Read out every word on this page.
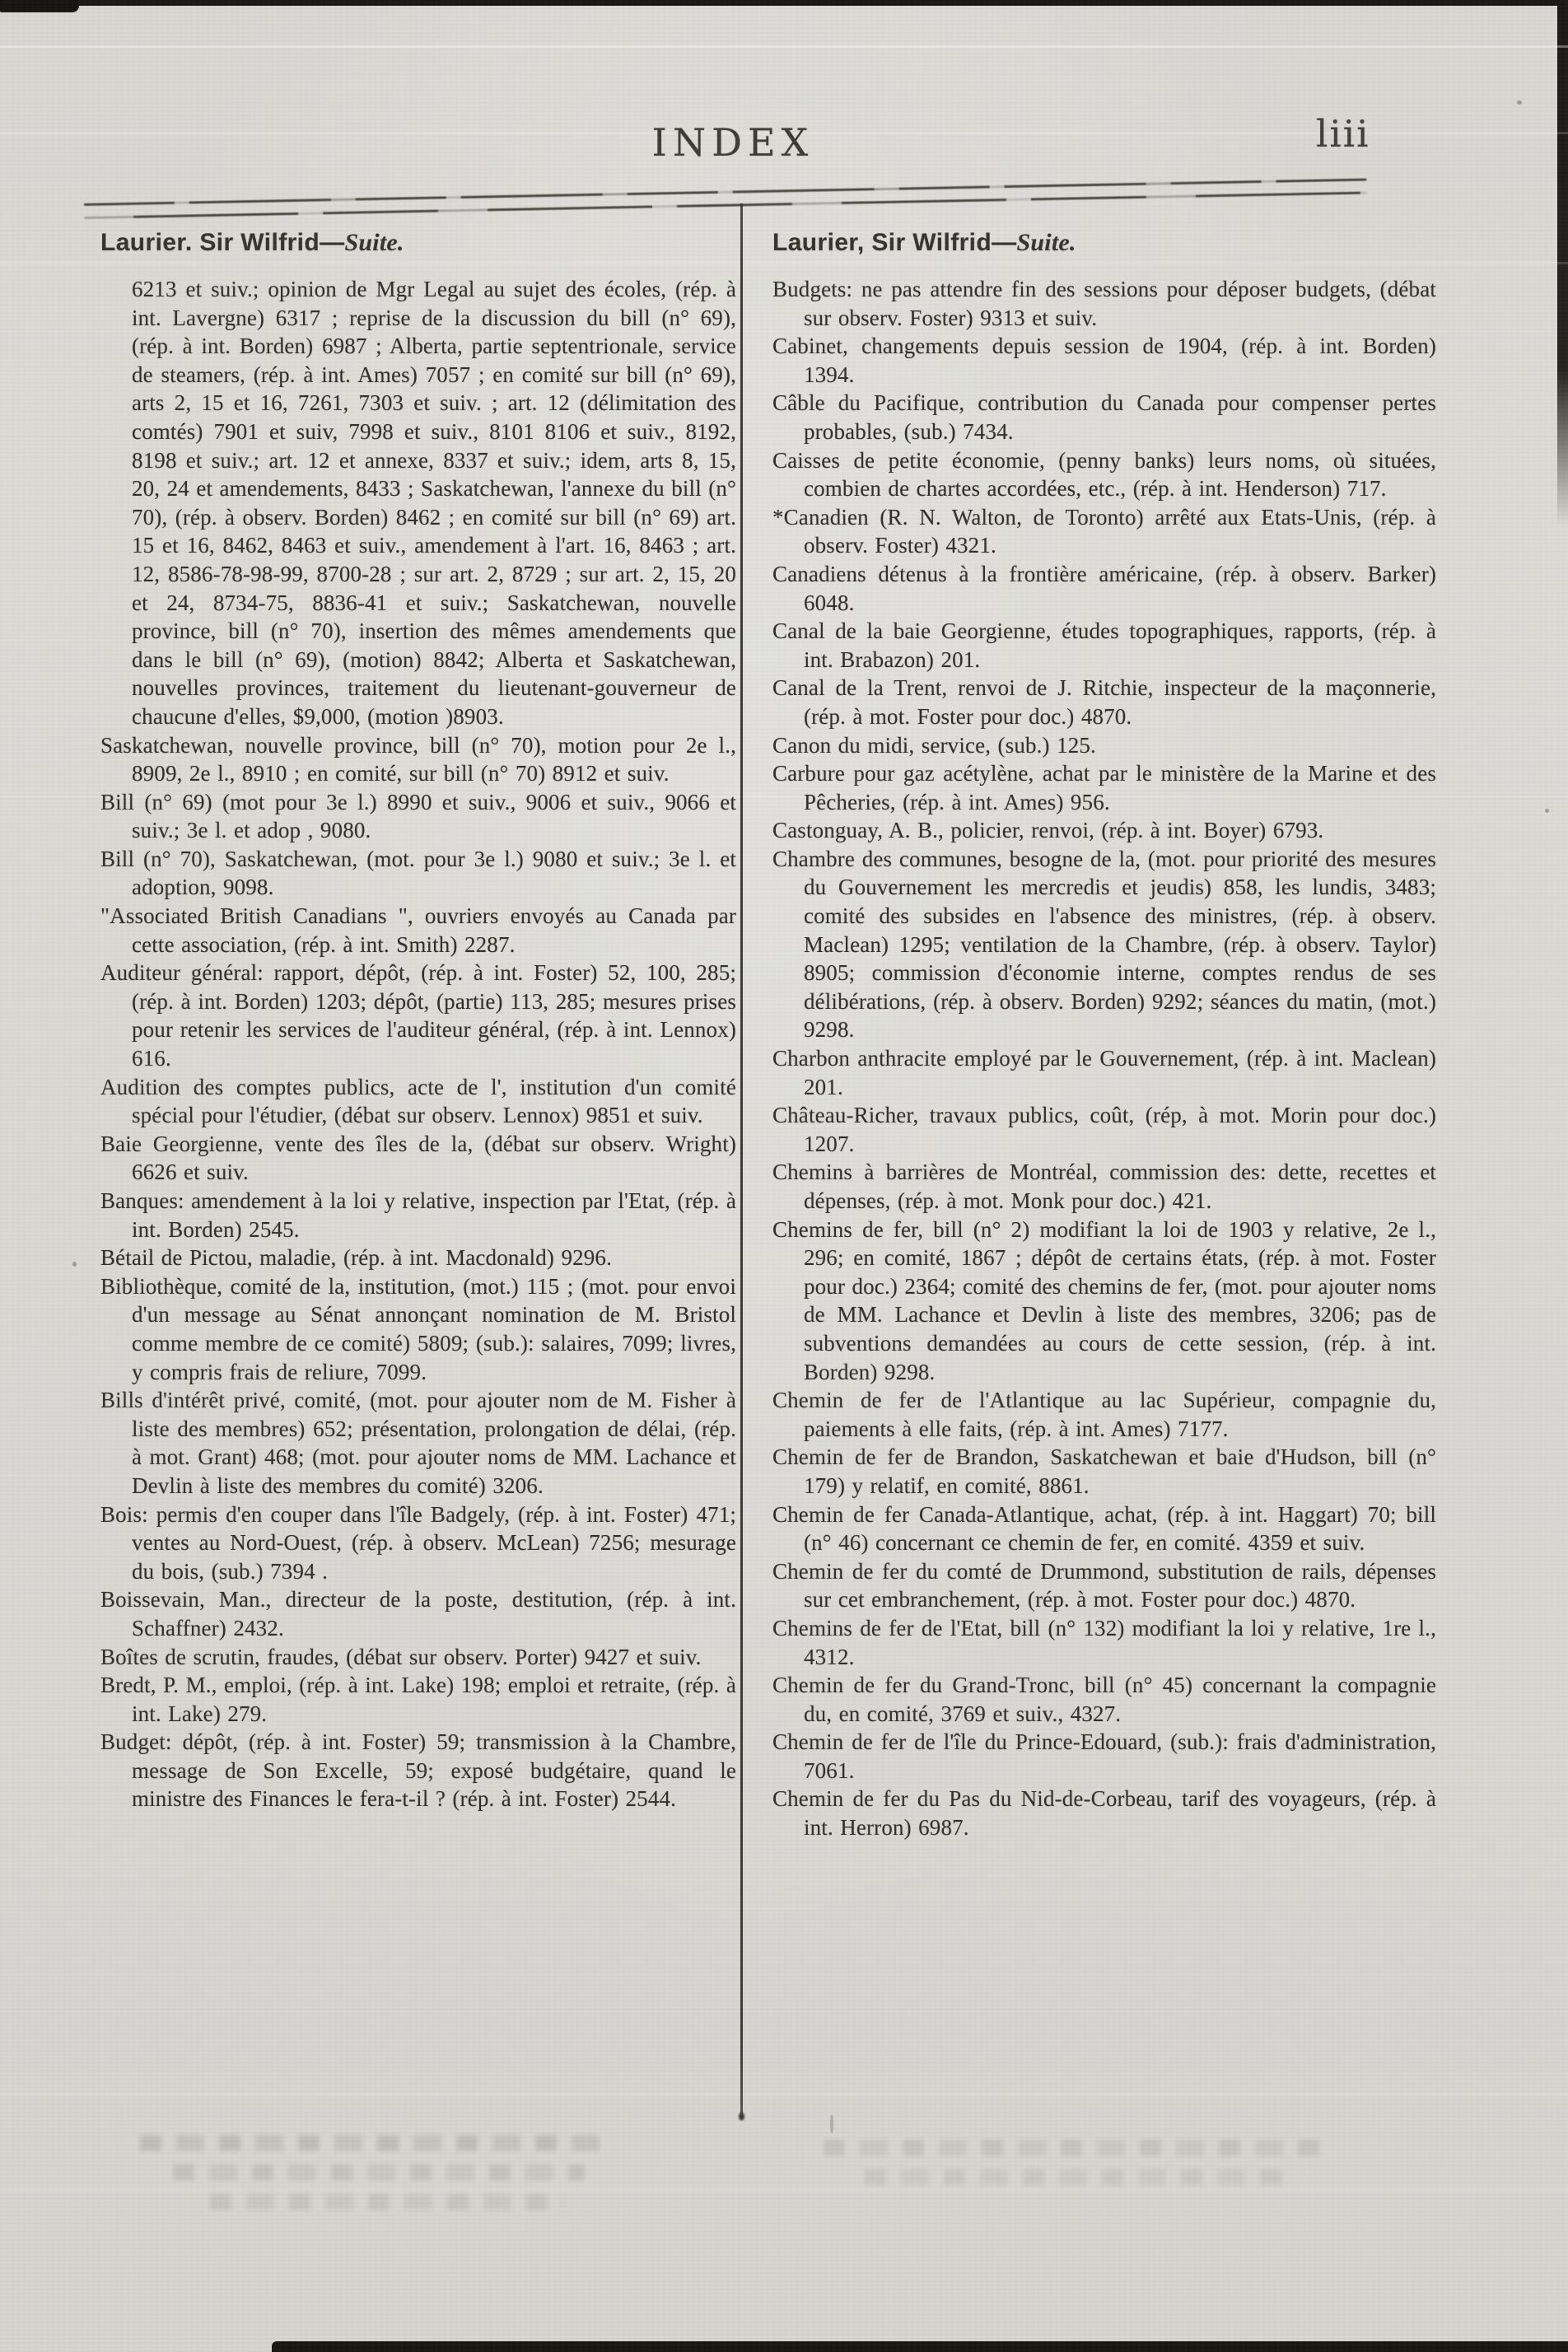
INDEX	liii

Laurier. Sir Wilfrid—Suite.

6213 et suiv.; opinion de Mgr Legal au sujet des écoles, (rép. à int. Lavergne) 6317 ; reprise de la discussion du bill (n° 69), (rép. à int. Borden) 6987 ; Alberta, partie septentrionale, service de steamers, (rép. à int. Ames) 7057 ; en comité sur bill (n° 69), arts 2, 15 et 16, 7261, 7303 et suiv. ; art. 12 (délimitation des comtés) 7901 et suiv, 7998 et suiv., 8101 8106 et suiv., 8192, 8198 et suiv.; art. 12 et annexe, 8337 et suiv.; idem, arts 8, 15, 20, 24 et amendements, 8433 ; Saskatchewan, l'annexe du bill (n° 70), (rép. à observ. Borden) 8462 ; en comité sur bill (n° 69) art. 15 et 16, 8462, 8463 et suiv., amendement à l'art. 16, 8463 ; art. 12, 8586-78-98-99, 8700-28 ; sur art. 2, 8729 ; sur art. 2, 15, 20 et 24, 8734-75, 8836-41 et suiv.; Saskatchewan, nouvelle province, bill (n° 70), insertion des mêmes amendements que dans le bill (n° 69), (motion) 8842; Alberta et Saskatchewan, nouvelles provinces, traitement du lieutenant-gouverneur de chaucune d'elles, $9,000, (motion )8903.

Saskatchewan, nouvelle province, bill (n° 70), motion pour 2e l., 8909, 2e l., 8910 ; en comité, sur bill (n° 70) 8912 et suiv.

Bill (n° 69) (mot pour 3e l.) 8990 et suiv., 9006 et suiv., 9066 et suiv.; 3e l. et adop , 9080.

Bill (n° 70), Saskatchewan, (mot. pour 3e l.) 9080 et suiv.; 3e l. et adoption, 9098.

"Associated British Canadians ", ouvriers envoyés au Canada par cette association, (rép. à int. Smith) 2287.

Auditeur général: rapport, dépôt, (rép. à int. Foster) 52, 100, 285; (rép. à int. Borden) 1203; dépôt, (partie) 113, 285; mesures prises pour retenir les services de l'auditeur général, (rép. à int. Lennox) 616.

Audition des comptes publics, acte de l', institution d'un comité spécial pour l'étudier, (débat sur observ. Lennox) 9851 et suiv.

Baie Georgienne, vente des îles de la, (débat sur observ. Wright) 6626 et suiv.

Banques: amendement à la loi y relative, inspection par l'Etat, (rép. à int. Borden) 2545.

Bétail de Pictou, maladie, (rép. à int. Macdonald) 9296.

Bibliothèque, comité de la, institution, (mot.) 115 ; (mot. pour envoi d'un message au Sénat annonçant nomination de M. Bristol comme membre de ce comité) 5809; (sub.): salaires, 7099; livres, y compris frais de reliure, 7099.

Bills d'intérêt privé, comité, (mot. pour ajouter nom de M. Fisher à liste des membres) 652; présentation, prolongation de délai, (rép. à mot. Grant) 468; (mot. pour ajouter noms de MM. Lachance et Devlin à liste des membres du comité) 3206.

Bois: permis d'en couper dans l'île Badgely, (rép. à int. Foster) 471; ventes au Nord-Ouest, (rép. à observ. McLean) 7256; mesurage du bois, (sub.) 7394 .

Boissevain, Man., directeur de la poste, destitution, (rép. à int. Schaffner) 2432.

Boîtes de scrutin, fraudes, (débat sur observ. Porter) 9427 et suiv.

Bredt, P. M., emploi, (rép. à int. Lake) 198; emploi et retraite, (rép. à int. Lake) 279.

Budget: dépôt, (rép. à int. Foster) 59; transmission à la Chambre, message de Son Excelle, 59; exposé budgétaire, quand le ministre des Finances le fera-t-il ? (rép. à int. Foster) 2544.

Laurier, Sir Wilfrid—Suite.

Budgets: ne pas attendre fin des sessions pour déposer budgets, (débat sur observ. Foster) 9313 et suiv.

Cabinet, changements depuis session de 1904, (rép. à int. Borden) 1394.

Câble du Pacifique, contribution du Canada pour compenser pertes probables, (sub.) 7434.

Caisses de petite économie, (penny banks) leurs noms, où situées, combien de chartes accordées, etc., (rép. à int. Henderson) 717.

*Canadien (R. N. Walton, de Toronto) arrêté aux Etats-Unis, (rép. à observ. Foster) 4321.

Canadiens détenus à la frontière américaine, (rép. à observ. Barker) 6048.

Canal de la baie Georgienne, études topographiques, rapports, (rép. à int. Brabazon) 201.

Canal de la Trent, renvoi de J. Ritchie, inspecteur de la maçonnerie, (rép. à mot. Foster pour doc.) 4870.

Canon du midi, service, (sub.) 125.

Carbure pour gaz acétylène, achat par le ministère de la Marine et des Pêcheries, (rép. à int. Ames) 956.

Castonguay, A. B., policier, renvoi, (rép. à int. Boyer) 6793.

Chambre des communes, besogne de la, (mot. pour priorité des mesures du Gouvernement les mercredis et jeudis) 858, les lundis, 3483; comité des subsides en l'absence des ministres, (rép. à observ. Maclean) 1295; ventilation de la Chambre, (rép. à observ. Taylor) 8905; commission d'économie interne, comptes rendus de ses délibérations, (rép. à observ. Borden) 9292; séances du matin, (mot.) 9298.

Charbon anthracite employé par le Gouvernement, (rép. à int. Maclean) 201.

Château-Richer, travaux publics, coût, (rép, à mot. Morin pour doc.) 1207.

Chemins à barrières de Montréal, commission des: dette, recettes et dépenses, (rép. à mot. Monk pour doc.) 421.

Chemins de fer, bill (n° 2) modifiant la loi de 1903 y relative, 2e l., 296; en comité, 1867 ; dépôt de certains états, (rép. à mot. Foster pour doc.) 2364; comité des chemins de fer, (mot. pour ajouter noms de MM. Lachance et Devlin à liste des membres, 3206; pas de subventions demandées au cours de cette session, (rép. à int. Borden) 9298.

Chemin de fer de l'Atlantique au lac Supérieur, compagnie du, paiements à elle faits, (rép. à int. Ames) 7177.

Chemin de fer de Brandon, Saskatchewan et baie d'Hudson, bill (n° 179) y relatif, en comité, 8861.

Chemin de fer Canada-Atlantique, achat, (rép. à int. Haggart) 70; bill (n° 46) concernant ce chemin de fer, en comité. 4359 et suiv.

Chemin de fer du comté de Drummond, substitution de rails, dépenses sur cet embranchement, (rép. à mot. Foster pour doc.) 4870.

Chemins de fer de l'Etat, bill (n° 132) modifiant la loi y relative, 1re l., 4312.

Chemin de fer du Grand-Tronc, bill (n° 45) concernant la compagnie du, en comité, 3769 et suiv., 4327.

Chemin de fer de l'île du Prince-Edouard, (sub.): frais d'administration, 7061.

Chemin de fer du Pas du Nid-de-Corbeau, tarif des voyageurs, (rép. à int. Herron) 6987.
